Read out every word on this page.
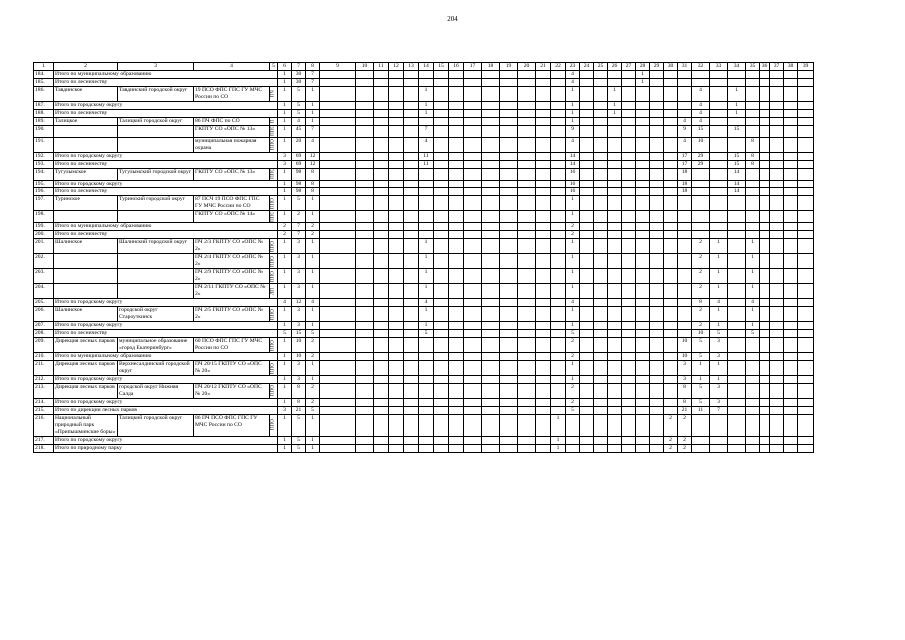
204
1	2	3	4	5	6	7	8	9	10	11	12	13	14	15	16	17	18	19	20	21	22	23	24	25	26	27	28	29	30	31	32	33	34	35	36	37	38	39
184.	Итого по муниципальному образованию				1	30	7															4					1											
185.	Итого по лесничеству				1	30	7															4					1											
186.	Тавдинское	Тавдинский городской округ	19 ПСО ФПС ГПС ГУ МЧС России по СО	ПЧ	1	5	1						1									1			1						4		1					
187.	Итого по городскому округу				1	5	1						1									1			1						4		1					
188.	Итого по лесничеству				1	5	1						1									1			1						4		1					
189.	Талицкое	Талицкий городской округ	86 ПЧ ФПС по СО	П	1	4	1															1								4	4							
190.			ГКПТУ СО «ОПС № 13»	ППО	1	45	7						7									9								9	15		15					
191.			муниципальная пожарная охрана	ППО	1	20	4						4									4								4	10			8				
192.	Итого по городскому округу				3	69	12						11									14								17	29		15	8				
193.	Итого по лесничеству				3	69	12						11									14								17	29		15	8				
194.	Тугулымское	Тугулымский городской округ	ГКПТУ СО «ОПС № 13»	ППО	1	98	8															16								18			14					
195.	Итого по городскому округу				1	98	8															16								18			14					
196.	Итого по лесничеству				1	98	8															16								18			14					
197.	Туринское	Туринский городской округ	87 ПСЧ 19 ПСО ФПС ГПС ГУ МЧС России по СО	ППО	1	5	1															1																
198.			ГКПТУ СО «ОПС № 14»	ППО	1	2	1															1																
199.	Итого по муниципальному образованию				2	7	2															2																
200.	Итого по лесничеству				2	7	2															2																
201.	Шалинское	Шалинский городской округ	ПЧ 2/3 ГКПТУ СО «ОПС № 2»	ППО	1	3	1						1									1									2	1		1				
202.			ПЧ 2/4 ГКПТУ СО «ОПС № 2»	ППО	1	3	1						1									1									2	1		1				
203.			ПЧ 2/9 ГКПТУ СО «ОПС № 2»	ППО	1	3	1						1									1									2	1		1				
204.			ПЧ 2/11 ГКПТУ СО «ОПС № 2»	ЛП	1	3	1						1									1									2	1		1				
205.	Итого по городскому округу				4	12	4						4									4									8	4		4				
206.	Шалинское	городской округ Староуткинск	ПЧ 2/5 ГКПТУ СО «ОПС № 2»	ППО	1	3	1						1									1									2	1		1				
207.	Итого по городскому округу				1	3	1						1									1									2	1		1				
208.	Итого по лесничеству				5	15	5						5									5									10	5		5				
209.	Дирекция лесных парков	муниципальное образование «город Екатеринбург»	60 ПСО ФПС ГПС ГУ МЧС России по СО	ППО	1	10	2															2								10	5	3						
210.	Итого по муниципальному образованию				1	10	2															2								10	5	3						
211.	Дирекция лесных парков	Верхнесалдинский городской округ	ПЧ 20/15 ГКПТУ СО «ОПС № 20»	ППО	1	3	1															1								3	1	1						
212.	Итого по городскому округу				1	3	1															1								3	1	1						
213.	Дирекция лесных парков	городской округ Нижняя Салда	ПЧ 20/12 ГКПТУ СО «ОПС № 20»	ППО	1	8	2															2								8	5	3						
214.	Итого по городскому округу				1	8	2															2								8	5	3						
215.	Итого по дирекции лесных парков				3	21	5															5								21	11	7						
216.	Национальный природный парк «Припышминские боры»	Талицкий городской округ	86 ПЧ ПСО ФПС ГПС ГУ МЧС России по СО	ППО	1	5	1														1								2	2								
217.	Итого по городскому округу				1	5	1														1								2	2								
218.	Итого по природному парку				1	5	1														1								2	2								
